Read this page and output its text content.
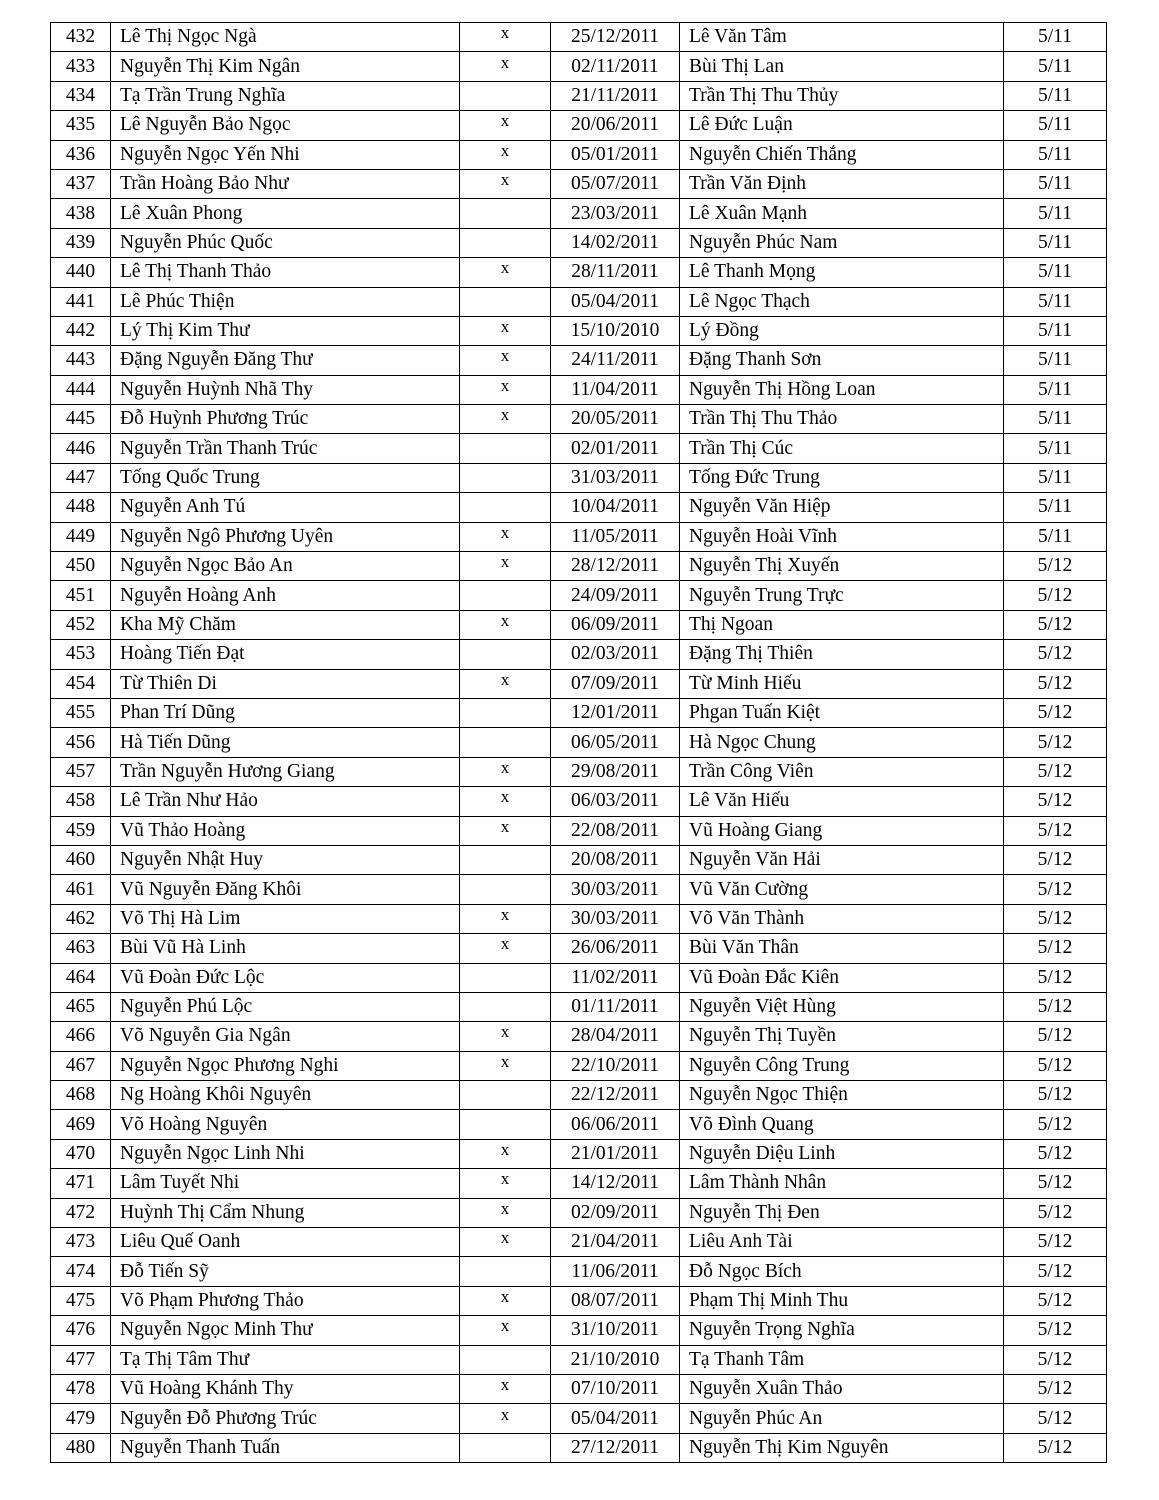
432	Lê Thị Ngọc Ngà	x	25/12/2011	Lê Văn Tâm	5/11
433	Nguyễn Thị Kim Ngân	x	02/11/2011	Bùi Thị Lan	5/11
434	Tạ Trần Trung Nghĩa		21/11/2011	Trần Thị Thu Thủy	5/11
435	Lê Nguyễn Bảo Ngọc	x	20/06/2011	Lê Đức Luận	5/11
436	Nguyễn Ngọc Yến Nhi	x	05/01/2011	Nguyễn Chiến Thắng	5/11
437	Trần Hoàng Bảo Như	x	05/07/2011	Trần Văn Định	5/11
438	Lê Xuân Phong		23/03/2011	Lê Xuân Mạnh	5/11
439	Nguyễn Phúc Quốc		14/02/2011	Nguyễn Phúc Nam	5/11
440	Lê Thị Thanh Thảo	x	28/11/2011	Lê Thanh Mọng	5/11
441	Lê Phúc Thiện		05/04/2011	Lê Ngọc Thạch	5/11
442	Lý Thị Kim Thư	x	15/10/2010	Lý Đồng	5/11
443	Đặng Nguyễn Đăng Thư	x	24/11/2011	Đặng Thanh Sơn	5/11
444	Nguyễn Huỳnh Nhã Thy	x	11/04/2011	Nguyễn Thị Hồng Loan	5/11
445	Đỗ Huỳnh Phương Trúc	x	20/05/2011	Trần Thị Thu Thảo	5/11
446	Nguyễn Trần Thanh Trúc		02/01/2011	Trần Thị Cúc	5/11
447	Tống Quốc Trung		31/03/2011	Tống Đức Trung	5/11
448	Nguyễn Anh Tú		10/04/2011	Nguyễn Văn Hiệp	5/11
449	Nguyễn Ngô Phương Uyên	x	11/05/2011	Nguyễn Hoài Vĩnh	5/11
450	Nguyễn Ngọc Bảo An	x	28/12/2011	Nguyễn Thị Xuyến	5/12
451	Nguyễn Hoàng Anh		24/09/2011	Nguyễn Trung Trực	5/12
452	Kha Mỹ Chăm	x	06/09/2011	Thị Ngoan	5/12
453	Hoàng Tiến Đạt		02/03/2011	Đặng Thị Thiên	5/12
454	Từ Thiên Di	x	07/09/2011	Từ Minh Hiếu	5/12
455	Phan Trí Dũng		12/01/2011	Phgan Tuấn Kiệt	5/12
456	Hà Tiến Dũng		06/05/2011	Hà Ngọc Chung	5/12
457	Trần Nguyễn Hương Giang	x	29/08/2011	Trần Công Viên	5/12
458	Lê Trần Như Hảo	x	06/03/2011	Lê Văn Hiếu	5/12
459	Vũ Thảo Hoàng	x	22/08/2011	Vũ Hoàng Giang	5/12
460	Nguyễn Nhật Huy		20/08/2011	Nguyễn Văn Hải	5/12
461	Vũ Nguyễn Đăng Khôi		30/03/2011	Vũ Văn Cường	5/12
462	Võ Thị Hà Lim	x	30/03/2011	Võ Văn Thành	5/12
463	Bùi Vũ Hà Linh	x	26/06/2011	Bùi Văn Thân	5/12
464	Vũ Đoàn Đức Lộc		11/02/2011	Vũ Đoàn Đắc Kiên	5/12
465	Nguyễn Phú Lộc		01/11/2011	Nguyễn Việt Hùng	5/12
466	Võ Nguyễn Gia Ngân	x	28/04/2011	Nguyễn Thị Tuyền	5/12
467	Nguyễn Ngọc Phương Nghi	x	22/10/2011	Nguyễn Công Trung	5/12
468	Ng Hoàng Khôi Nguyên		22/12/2011	Nguyễn Ngọc Thiện	5/12
469	Võ Hoàng Nguyên		06/06/2011	Võ Đình Quang	5/12
470	Nguyễn Ngọc Linh Nhi	x	21/01/2011	Nguyễn Diệu Linh	5/12
471	Lâm Tuyết Nhi	x	14/12/2011	Lâm Thành Nhân	5/12
472	Huỳnh Thị Cẩm Nhung	x	02/09/2011	Nguyễn Thị Đen	5/12
473	Liêu Quế Oanh	x	21/04/2011	Liêu Anh Tài	5/12
474	Đỗ Tiến Sỹ		11/06/2011	Đỗ Ngọc Bích	5/12
475	Võ Phạm Phương Thảo	x	08/07/2011	Phạm Thị Minh Thu	5/12
476	Nguyễn Ngọc Minh Thư	x	31/10/2011	Nguyễn Trọng Nghĩa	5/12
477	Tạ Thị Tâm Thư		21/10/2010	Tạ Thanh Tâm	5/12
478	Vũ Hoàng Khánh Thy	x	07/10/2011	Nguyễn Xuân Thảo	5/12
479	Nguyễn Đỗ Phương Trúc	x	05/04/2011	Nguyễn Phúc An	5/12
480	Nguyễn Thanh Tuấn		27/12/2011	Nguyễn Thị Kim Nguyên	5/12
